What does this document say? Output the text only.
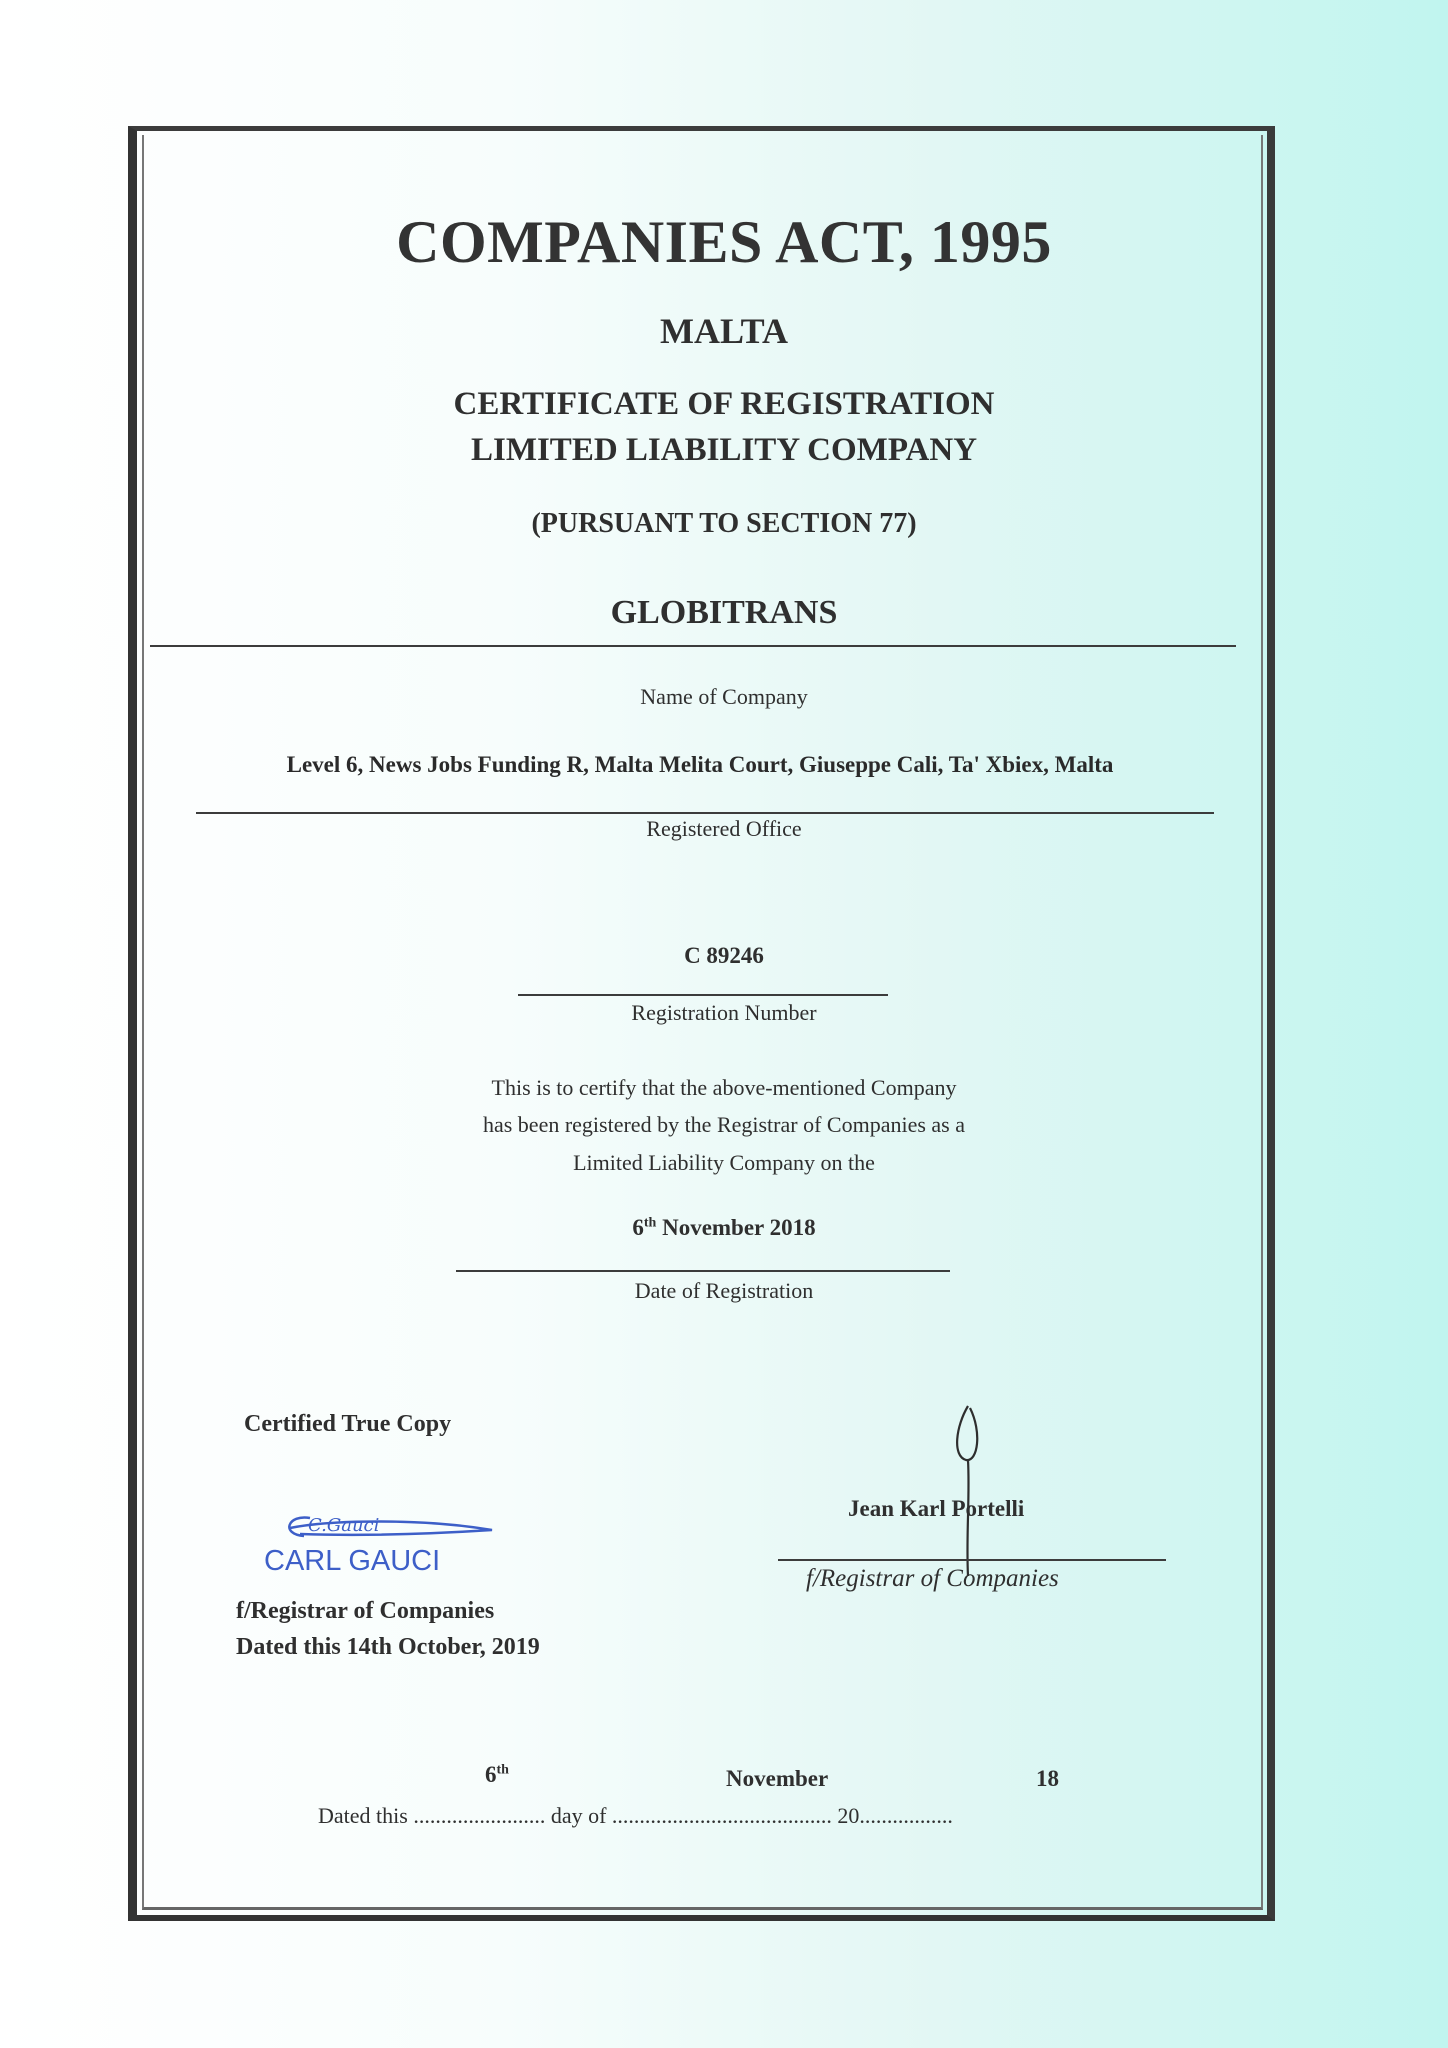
COMPANIES ACT, 1995
MALTA
CERTIFICATE OF REGISTRATION
LIMITED LIABILITY COMPANY
(PURSUANT TO SECTION 77)
GLOBITRANS
Name of Company
Level 6, News Jobs Funding R, Malta Melita Court, Giuseppe Cali, Ta' Xbiex, Malta
Registered Office
C 89246
Registration Number
This is to certify that the above-mentioned Company
has been registered by the Registrar of Companies as a
Limited Liability Company on the
6th November 2018
Date of Registration
Certified True Copy
C.Gauci
CARL GAUCI
f/Registrar of Companies
Dated this 14th October, 2019
Jean Karl Portelli
f/Registrar of Companies
6th	November	18
Dated this ........................ day of ........................................ 20.................
